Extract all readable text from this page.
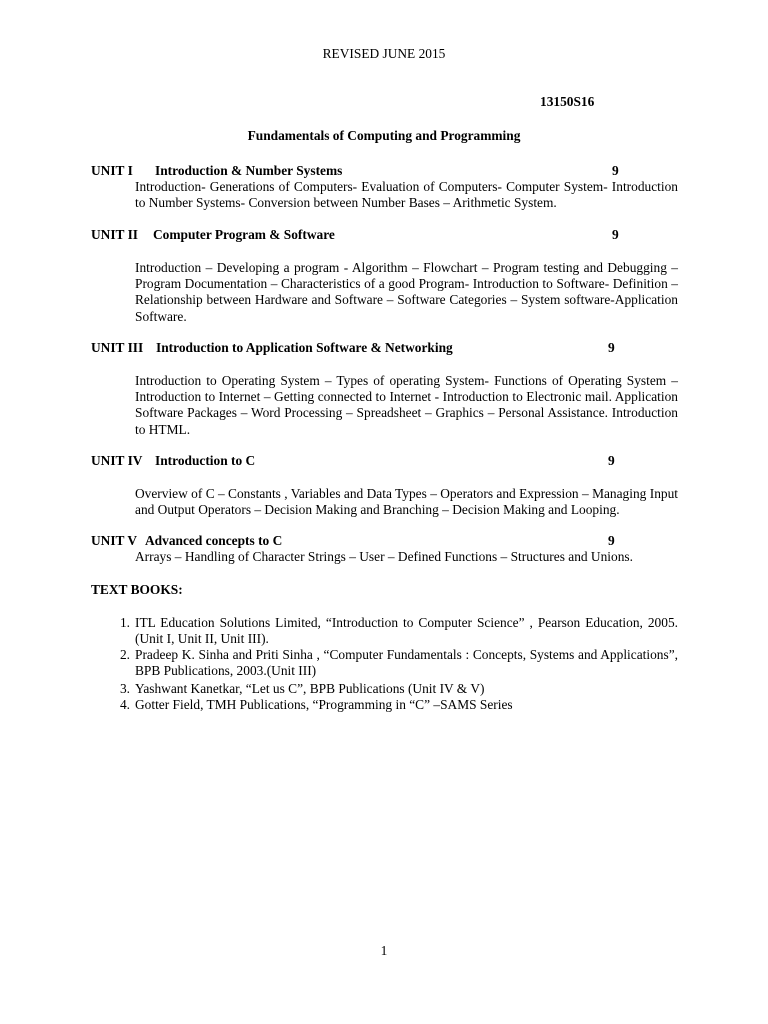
REVISED JUNE 2015
13150S16
Fundamentals of Computing and Programming
UNIT I Introduction & Number Systems	9
Introduction- Generations of Computers- Evaluation of Computers- Computer System- Introduction to Number Systems- Conversion between Number Bases – Arithmetic System.
UNIT II Computer Program & Software	9
Introduction – Developing a program - Algorithm – Flowchart – Program testing and Debugging – Program Documentation – Characteristics of a good Program- Introduction to Software- Definition – Relationship between Hardware and Software – Software Categories – System software-Application Software.
UNIT III Introduction to Application Software & Networking	9
Introduction to Operating System – Types of operating System- Functions of Operating System – Introduction to Internet – Getting connected to Internet - Introduction to Electronic mail. Application Software Packages – Word Processing – Spreadsheet – Graphics – Personal Assistance. Introduction to HTML.
UNIT IV Introduction to C	9
Overview of C – Constants , Variables and Data Types – Operators and Expression – Managing Input and Output Operators – Decision Making and Branching – Decision Making and Looping.
UNIT V Advanced concepts to C	9
Arrays – Handling of Character Strings – User – Defined Functions – Structures and Unions.
TEXT BOOKS:
1. ITL Education Solutions Limited, “Introduction to Computer Science” , Pearson Education, 2005.(Unit I, Unit II, Unit III).
2. Pradeep K. Sinha and Priti Sinha , “Computer Fundamentals : Concepts, Systems and Applications”, BPB Publications, 2003.(Unit III)
3. Yashwant Kanetkar, “Let us C”, BPB Publications (Unit IV & V)
4. Gotter Field, TMH Publications, “Programming in “C” –SAMS Series
1
